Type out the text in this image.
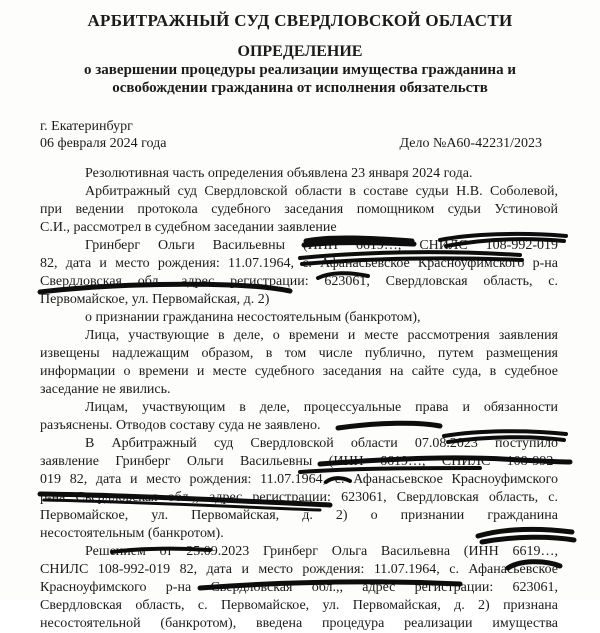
АРБИТРАЖНЫЙ СУД СВЕРДЛОВСКОЙ ОБЛАСТИ
ОПРЕДЕЛЕНИЕ
о завершении процедуры реализации имущества гражданина и
освобождении гражданина от исполнения обязательств
г. Екатеринбург
06 февраля 2024 года	Дело №А60-42231/2023
Резолютивная часть определения объявлена 23 января 2024 года.
Арбитражный суд Свердловской области в составе судьи Н.В. Соболевой,
при ведении протокола судебного заседания помощником судьи Устиновой
С.И., рассмотрел в судебном заседании заявление
Гринберг Ольги Васильевны (ИНН 6619…, СНИЛС 108-992-019
82, дата и место рождения: 11.07.1964, с. Афанасьевское Красноуфимского р-на
Свердловская обл., адрес регистрации: 623061, Свердловская область, с.
Первомайское, ул. Первомайская, д. 2)
о признании гражданина несостоятельным (банкротом),
Лица, участвующие в деле, о времени и месте рассмотрения заявления
извещены надлежащим образом, в том числе публично, путем размещения
информации о времени и месте судебного заседания на сайте суда, в судебное
заседание не явились.
Лицам, участвующим в деле, процессуальные права и обязанности
разъяснены. Отводов составу суда не заявлено.
В Арбитражный суд Свердловской области 07.08.2023 поступило
заявление Гринберг Ольги Васильевны (ИНН 6619…, СНИЛС 108-992-
019 82, дата и место рождения: 11.07.1964, с. Афанасьевское Красноуфимского
р-на Свердловская обл.,, адрес регистрации: 623061, Свердловская область, с.
Первомайское, ул. Первомайская, д. 2) о признании гражданина
несостоятельным (банкротом).
Решением от 25.09.2023 Гринберг Ольга Васильевна (ИНН 6619…,
СНИЛС 108-992-019 82, дата и место рождения: 11.07.1964, с. Афанасьевское
Красноуфимского р-на Свердловская обл.,, адрес регистрации: 623061,
Свердловская область, с. Первомайское, ул. Первомайская, д. 2) признана
несостоятельной (банкротом), введена процедура реализации имущества
